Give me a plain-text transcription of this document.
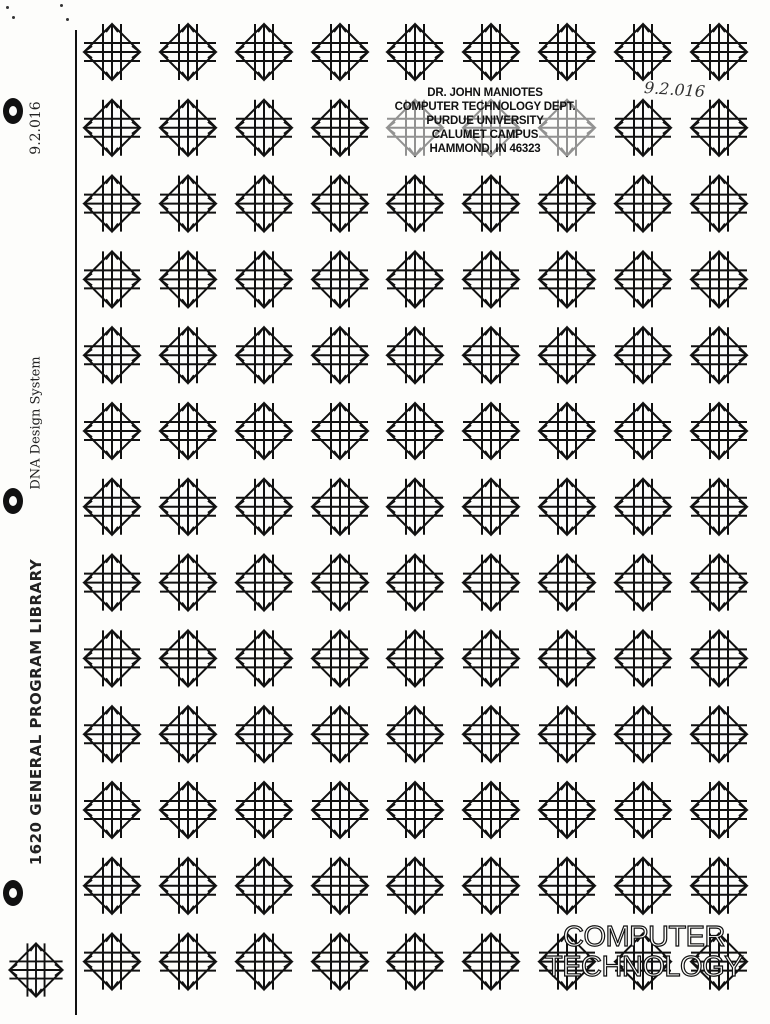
9.2.016
DNA Design System
1620 GENERAL PROGRAM LIBRARY
DR. JOHN MANIOTES
COMPUTER TECHNOLOGY DEPT.
PURDUE UNIVERSITY
CALUMET CAMPUS
HAMMOND, IN 46323
9.2.016
COMPUTER
TECHNOLOGY
